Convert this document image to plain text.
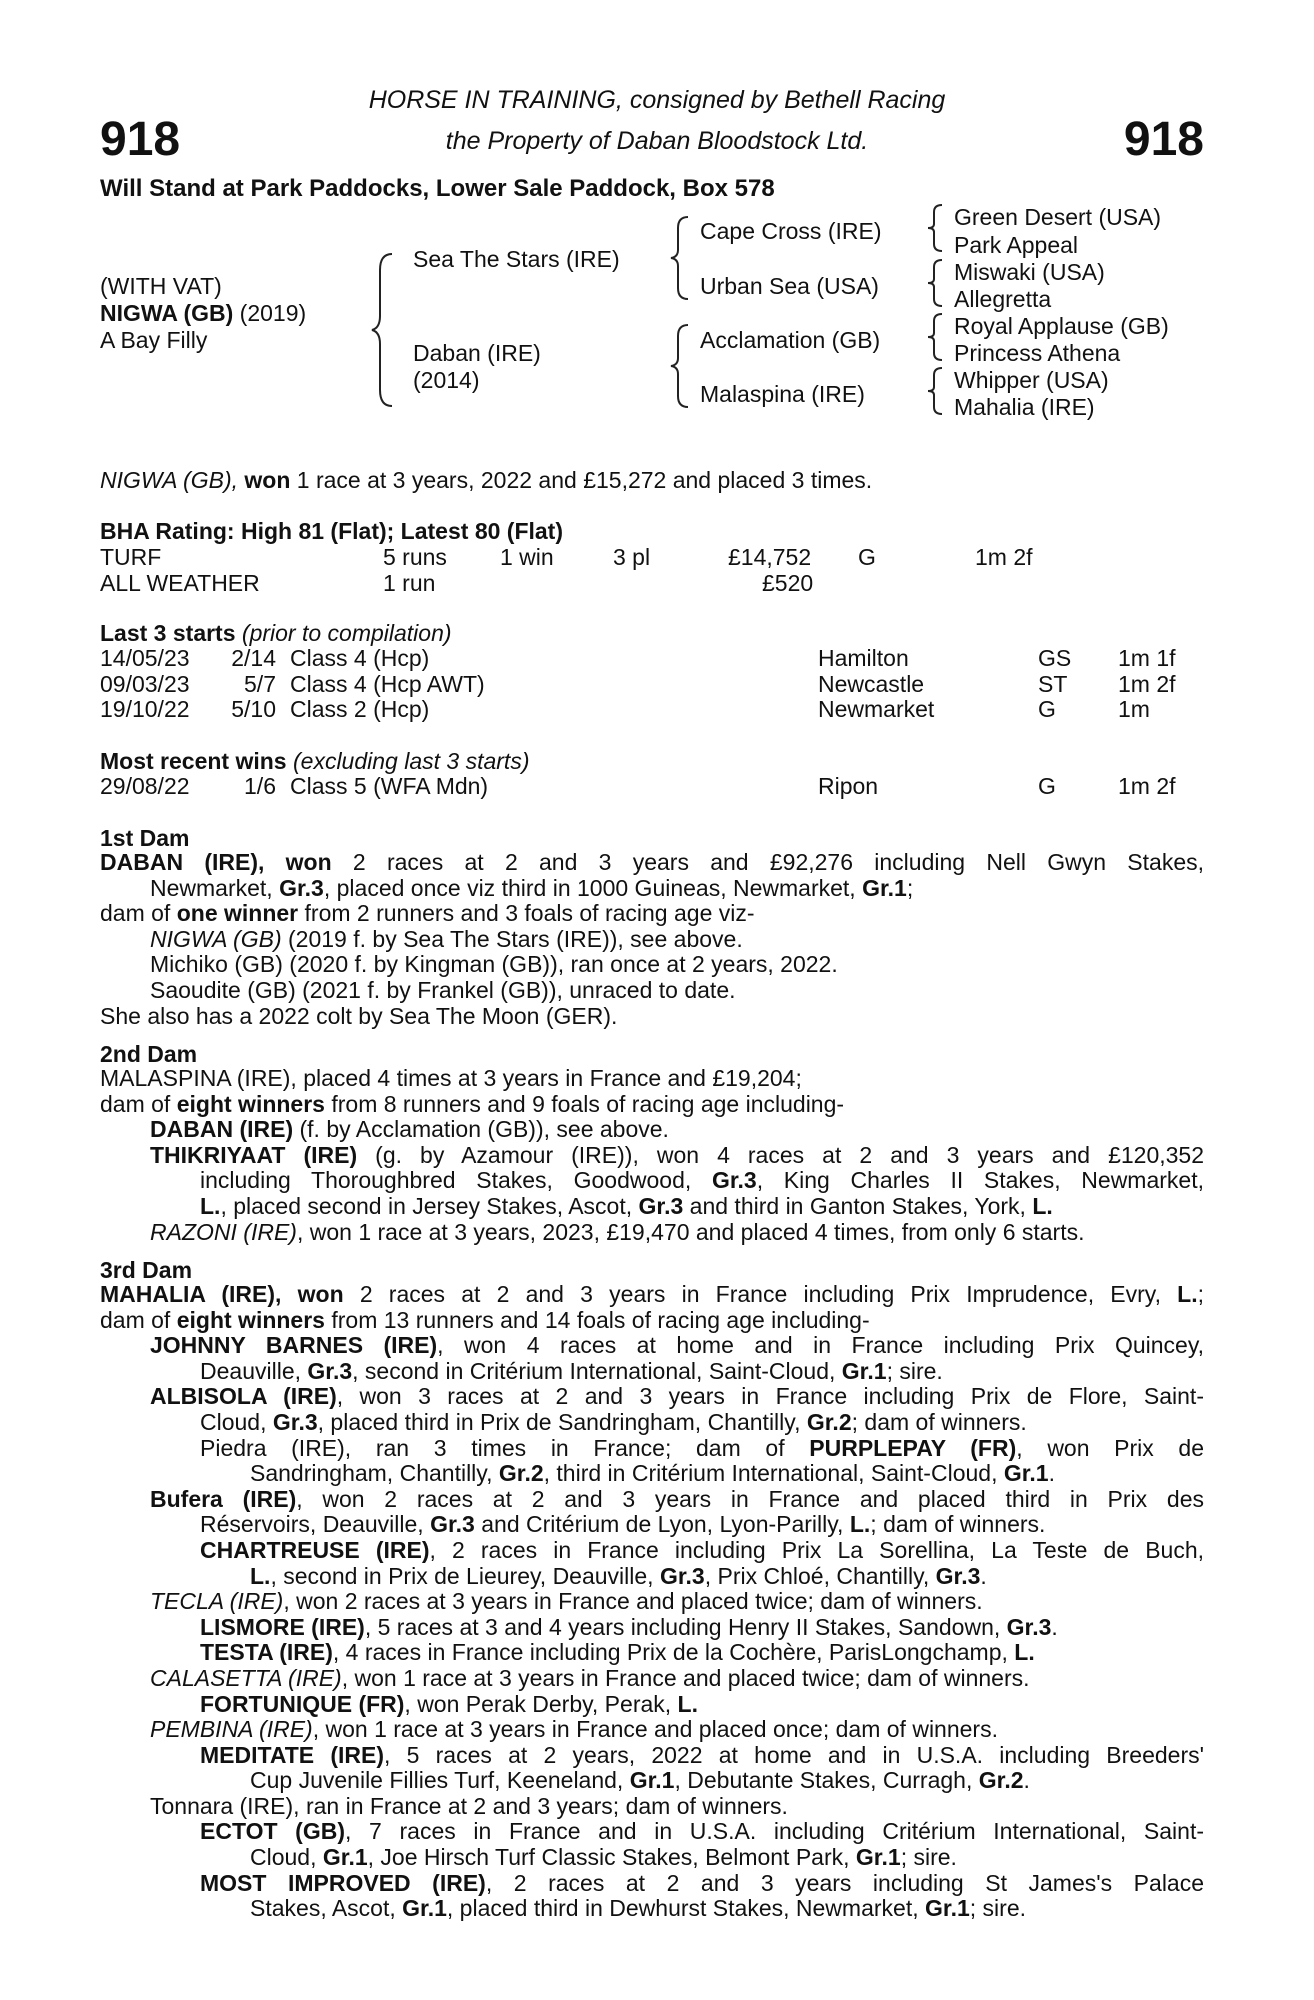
918	918
HORSE IN TRAINING, consigned by Bethell Racing
the Property of Daban Bloodstock Ltd.
Will Stand at Park Paddocks, Lower Sale Paddock, Box 578
(WITH VAT)
NIGWA (GB) (2019)
A Bay Filly
Sea The Stars (IRE)
Daban (IRE)
(2014)
Cape Cross (IRE)
Urban Sea (USA)
Acclamation (GB)
Malaspina (IRE)
Green Desert (USA)
Park Appeal
Miswaki (USA)
Allegretta
Royal Applause (GB)
Princess Athena
Whipper (USA)
Mahalia (IRE)
NIGWA (GB), won 1 race at 3 years, 2022 and £15,272 and placed 3 times.
BHA Rating: High 81 (Flat); Latest 80 (Flat)
TURF	5 runs 1 win	3 pl	£14,752 G	1m 2f
ALL WEATHER	1 run	£520
Last 3 starts (prior to compilation)
14/05/23 2/14 Class 4 (Hcp)	Hamilton	GS 1m 1f
09/03/23 5/7 Class 4 (Hcp AWT)	Newcastle	ST 1m 2f
19/10/22 5/10 Class 2 (Hcp)	Newmarket	G	1m
Most recent wins (excluding last 3 starts)
29/08/22 1/6 Class 5 (WFA Mdn)	Ripon	G	1m 2f
1st Dam
DABAN (IRE), won 2 races at 2 and 3 years and £92,276 including Nell Gwyn Stakes,
Newmarket, Gr.3, placed once viz third in 1000 Guineas, Newmarket, Gr.1;
dam of one winner from 2 runners and 3 foals of racing age viz-
NIGWA (GB) (2019 f. by Sea The Stars (IRE)), see above.
Michiko (GB) (2020 f. by Kingman (GB)), ran once at 2 years, 2022.
Saoudite (GB) (2021 f. by Frankel (GB)), unraced to date.
She also has a 2022 colt by Sea The Moon (GER).
2nd Dam
MALASPINA (IRE), placed 4 times at 3 years in France and £19,204;
dam of eight winners from 8 runners and 9 foals of racing age including-
DABAN (IRE) (f. by Acclamation (GB)), see above.
THIKRIYAAT (IRE) (g. by Azamour (IRE)), won 4 races at 2 and 3 years and £120,352
including Thoroughbred Stakes, Goodwood, Gr.3, King Charles II Stakes, Newmarket,
L., placed second in Jersey Stakes, Ascot, Gr.3 and third in Ganton Stakes, York, L.
RAZONI (IRE), won 1 race at 3 years, 2023, £19,470 and placed 4 times, from only 6 starts.
3rd Dam
MAHALIA (IRE), won 2 races at 2 and 3 years in France including Prix Imprudence, Evry, L.;
dam of eight winners from 13 runners and 14 foals of racing age including-
JOHNNY BARNES (IRE), won 4 races at home and in France including Prix Quincey,
Deauville, Gr.3, second in Critérium International, Saint-Cloud, Gr.1; sire.
ALBISOLA (IRE), won 3 races at 2 and 3 years in France including Prix de Flore, Saint-
Cloud, Gr.3, placed third in Prix de Sandringham, Chantilly, Gr.2; dam of winners.
Piedra (IRE), ran 3 times in France; dam of PURPLEPAY (FR), won Prix de
Sandringham, Chantilly, Gr.2, third in Critérium International, Saint-Cloud, Gr.1.
Bufera (IRE), won 2 races at 2 and 3 years in France and placed third in Prix des
Réservoirs, Deauville, Gr.3 and Critérium de Lyon, Lyon-Parilly, L.; dam of winners.
CHARTREUSE (IRE), 2 races in France including Prix La Sorellina, La Teste de Buch,
L., second in Prix de Lieurey, Deauville, Gr.3, Prix Chloé, Chantilly, Gr.3.
TECLA (IRE), won 2 races at 3 years in France and placed twice; dam of winners.
LISMORE (IRE), 5 races at 3 and 4 years including Henry II Stakes, Sandown, Gr.3.
TESTA (IRE), 4 races in France including Prix de la Cochère, ParisLongchamp, L.
CALASETTA (IRE), won 1 race at 3 years in France and placed twice; dam of winners.
FORTUNIQUE (FR), won Perak Derby, Perak, L.
PEMBINA (IRE), won 1 race at 3 years in France and placed once; dam of winners.
MEDITATE (IRE), 5 races at 2 years, 2022 at home and in U.S.A. including Breeders'
Cup Juvenile Fillies Turf, Keeneland, Gr.1, Debutante Stakes, Curragh, Gr.2.
Tonnara (IRE), ran in France at 2 and 3 years; dam of winners.
ECTOT (GB), 7 races in France and in U.S.A. including Critérium International, Saint-
Cloud, Gr.1, Joe Hirsch Turf Classic Stakes, Belmont Park, Gr.1; sire.
MOST IMPROVED (IRE), 2 races at 2 and 3 years including St James's Palace
Stakes, Ascot, Gr.1, placed third in Dewhurst Stakes, Newmarket, Gr.1; sire.
